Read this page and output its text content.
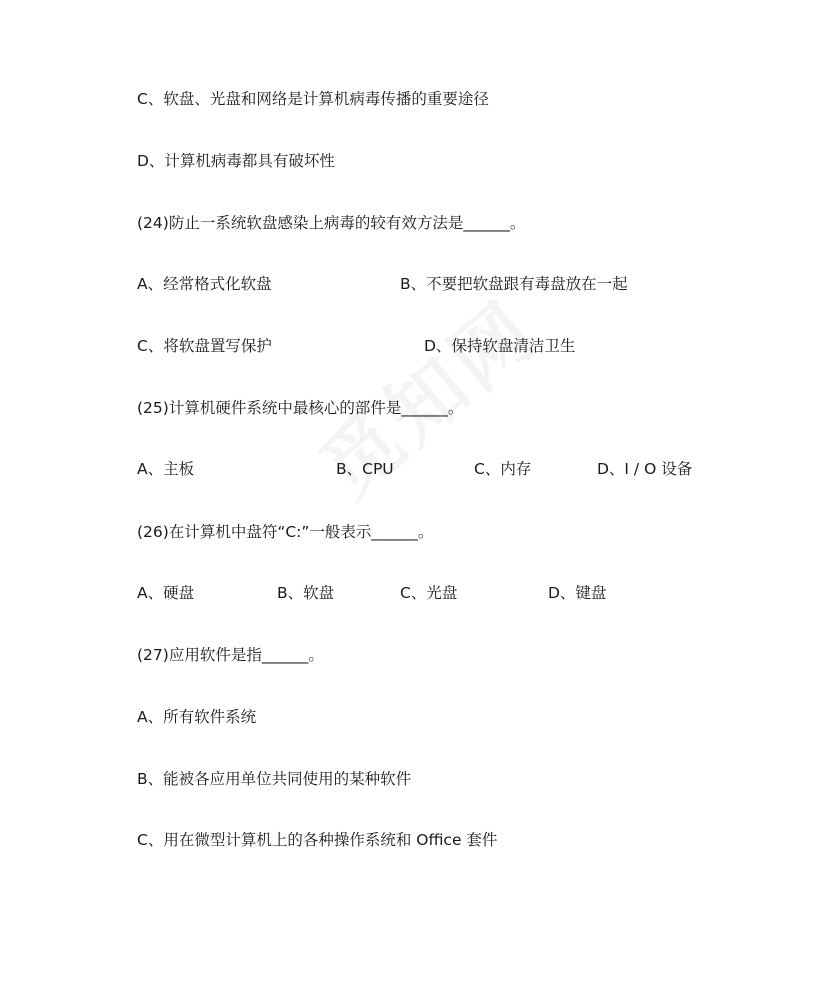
C、软盘、光盘和网络是计算机病毒传播的重要途径
D、计算机病毒都具有破坏性
(24)防止一系统软盘感染上病毒的较有效方法是______。
A、经常格式化软盘	B、不要把软盘跟有毒盘放在一起
C、将软盘置写保护	D、保持软盘清洁卫生
(25)计算机硬件系统中最核心的部件是______。
A、主板	B、CPU	C、内存	D、I / O 设备
(26)在计算机中盘符“C:”一般表示______。
A、硬盘	B、软盘	C、光盘	D、键盘
(27)应用软件是指______。
A、所有软件系统
B、能被各应用单位共同使用的某种软件
C、用在微型计算机上的各种操作系统和 Office 套件
